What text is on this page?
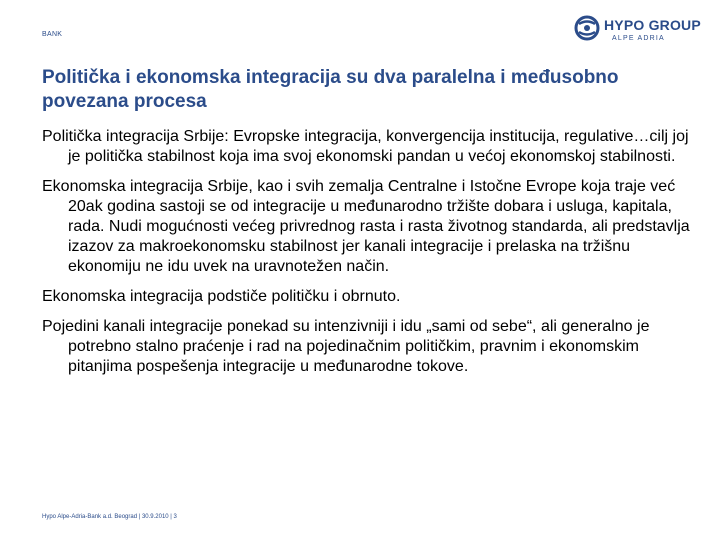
BANK
HYPO GROUP
ALPE ADRIA
Politička i ekonomska integracija su dva paralelna i međusobno povezana procesa

Politička integracija Srbije: Evropske integracija, konvergencija institucija, regulative…cilj joj je politička stabilnost koja ima svoj ekonomski pandan u većoj ekonomskoj stabilnosti.

Ekonomska integracija Srbije, kao i svih zemalja Centralne i Istočne Evrope koja traje već 20ak godina sastoji se od integracije u međunarodno tržište dobara i usluga, kapitala, rada. Nudi mogućnosti većeg privrednog rasta i rasta životnog standarda, ali predstavlja izazov za makroekonomsku stabilnost jer kanali integracije i prelaska na tržišnu ekonomiju ne idu uvek na uravnotežen način.

Ekonomska integracija podstiče političku i obrnuto.

Pojedini kanali integracije ponekad su intenzivniji i idu „sami od sebe“, ali generalno je potrebno stalno praćenje i rad na pojedinačnim političkim, pravnim i ekonomskim pitanjima pospešenja integracije u međunarodne tokove.

Hypo Alpe-Adria-Bank a.d. Beograd | 30.9.2010 | 3
